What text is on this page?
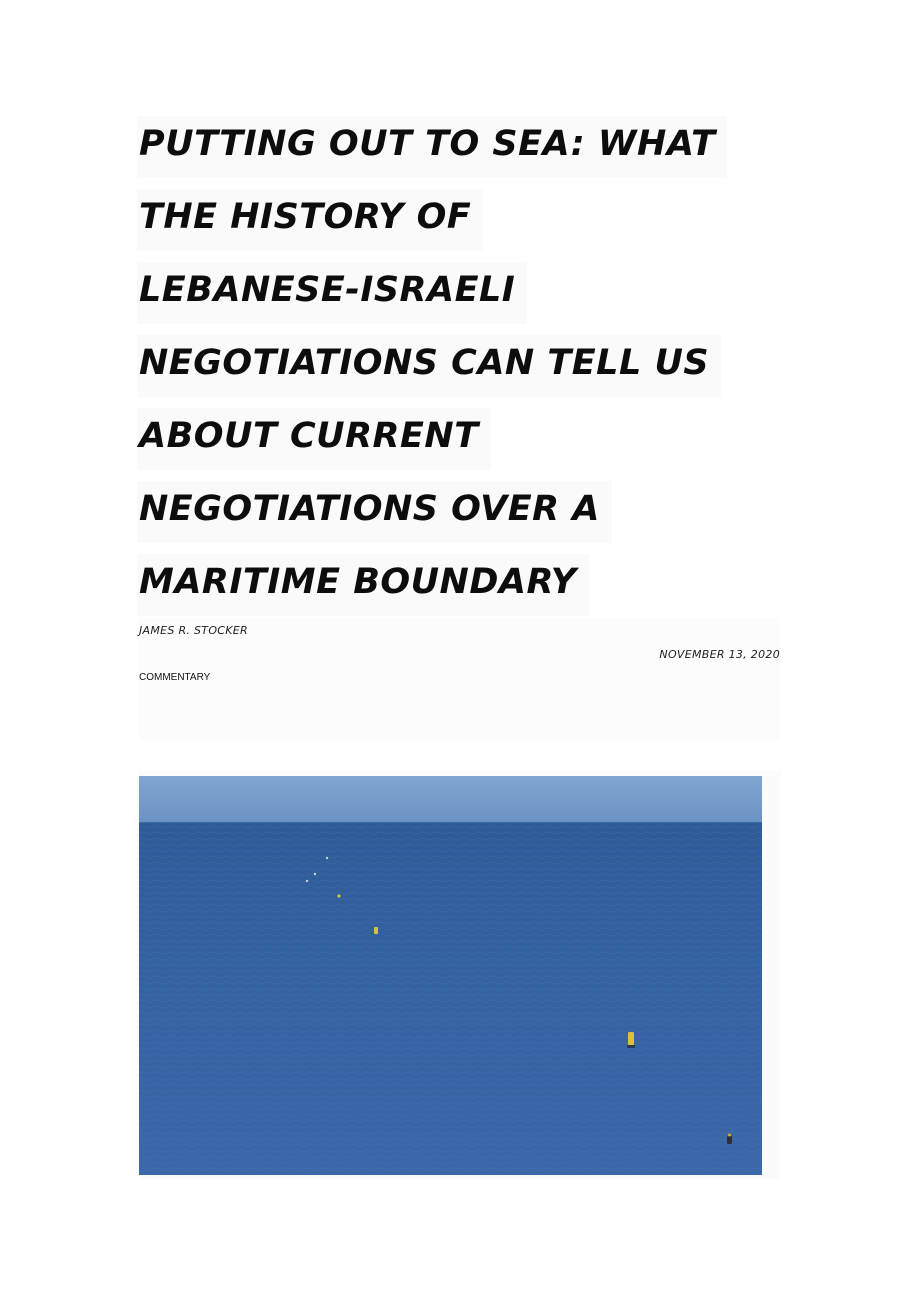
PUTTING OUT TO SEA: WHAT
THE HISTORY OF
LEBANESE-ISRAELI
NEGOTIATIONS CAN TELL US
ABOUT CURRENT
NEGOTIATIONS OVER A
MARITIME BOUNDARY
JAMES R. STOCKER
NOVEMBER 13, 2020
COMMENTARY
